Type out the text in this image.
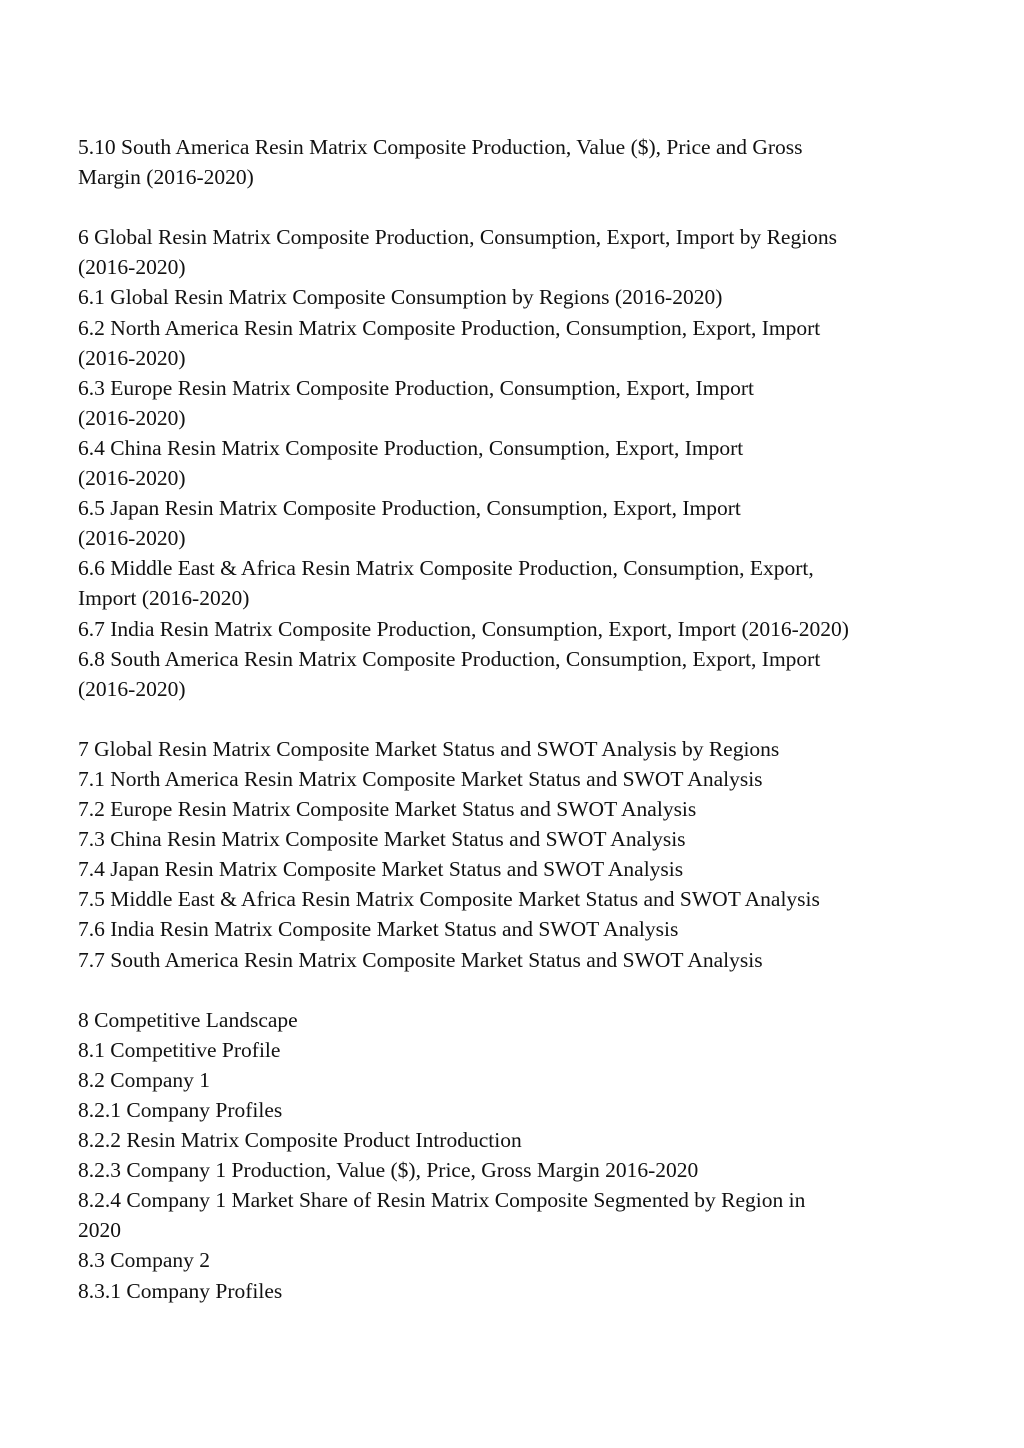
5.10 South America Resin Matrix Composite Production, Value ($), Price and Gross
Margin (2016-2020)
6 Global Resin Matrix Composite Production, Consumption, Export, Import by Regions
(2016-2020)
6.1 Global Resin Matrix Composite Consumption by Regions (2016-2020)
6.2 North America Resin Matrix Composite Production, Consumption, Export, Import
(2016-2020)
6.3 Europe Resin Matrix Composite Production, Consumption, Export, Import
(2016-2020)
6.4 China Resin Matrix Composite Production, Consumption, Export, Import
(2016-2020)
6.5 Japan Resin Matrix Composite Production, Consumption, Export, Import
(2016-2020)
6.6 Middle East & Africa Resin Matrix Composite Production, Consumption, Export,
Import (2016-2020)
6.7 India Resin Matrix Composite Production, Consumption, Export, Import (2016-2020)
6.8 South America Resin Matrix Composite Production, Consumption, Export, Import
(2016-2020)
7 Global Resin Matrix Composite Market Status and SWOT Analysis by Regions
7.1 North America Resin Matrix Composite Market Status and SWOT Analysis
7.2 Europe Resin Matrix Composite Market Status and SWOT Analysis
7.3 China Resin Matrix Composite Market Status and SWOT Analysis
7.4 Japan Resin Matrix Composite Market Status and SWOT Analysis
7.5 Middle East & Africa Resin Matrix Composite Market Status and SWOT Analysis
7.6 India Resin Matrix Composite Market Status and SWOT Analysis
7.7 South America Resin Matrix Composite Market Status and SWOT Analysis
8 Competitive Landscape
8.1 Competitive Profile
8.2 Company 1
8.2.1 Company Profiles
8.2.2 Resin Matrix Composite Product Introduction
8.2.3 Company 1 Production, Value ($), Price, Gross Margin 2016-2020
8.2.4 Company 1 Market Share of Resin Matrix Composite Segmented by Region in
2020
8.3 Company 2
8.3.1 Company Profiles
